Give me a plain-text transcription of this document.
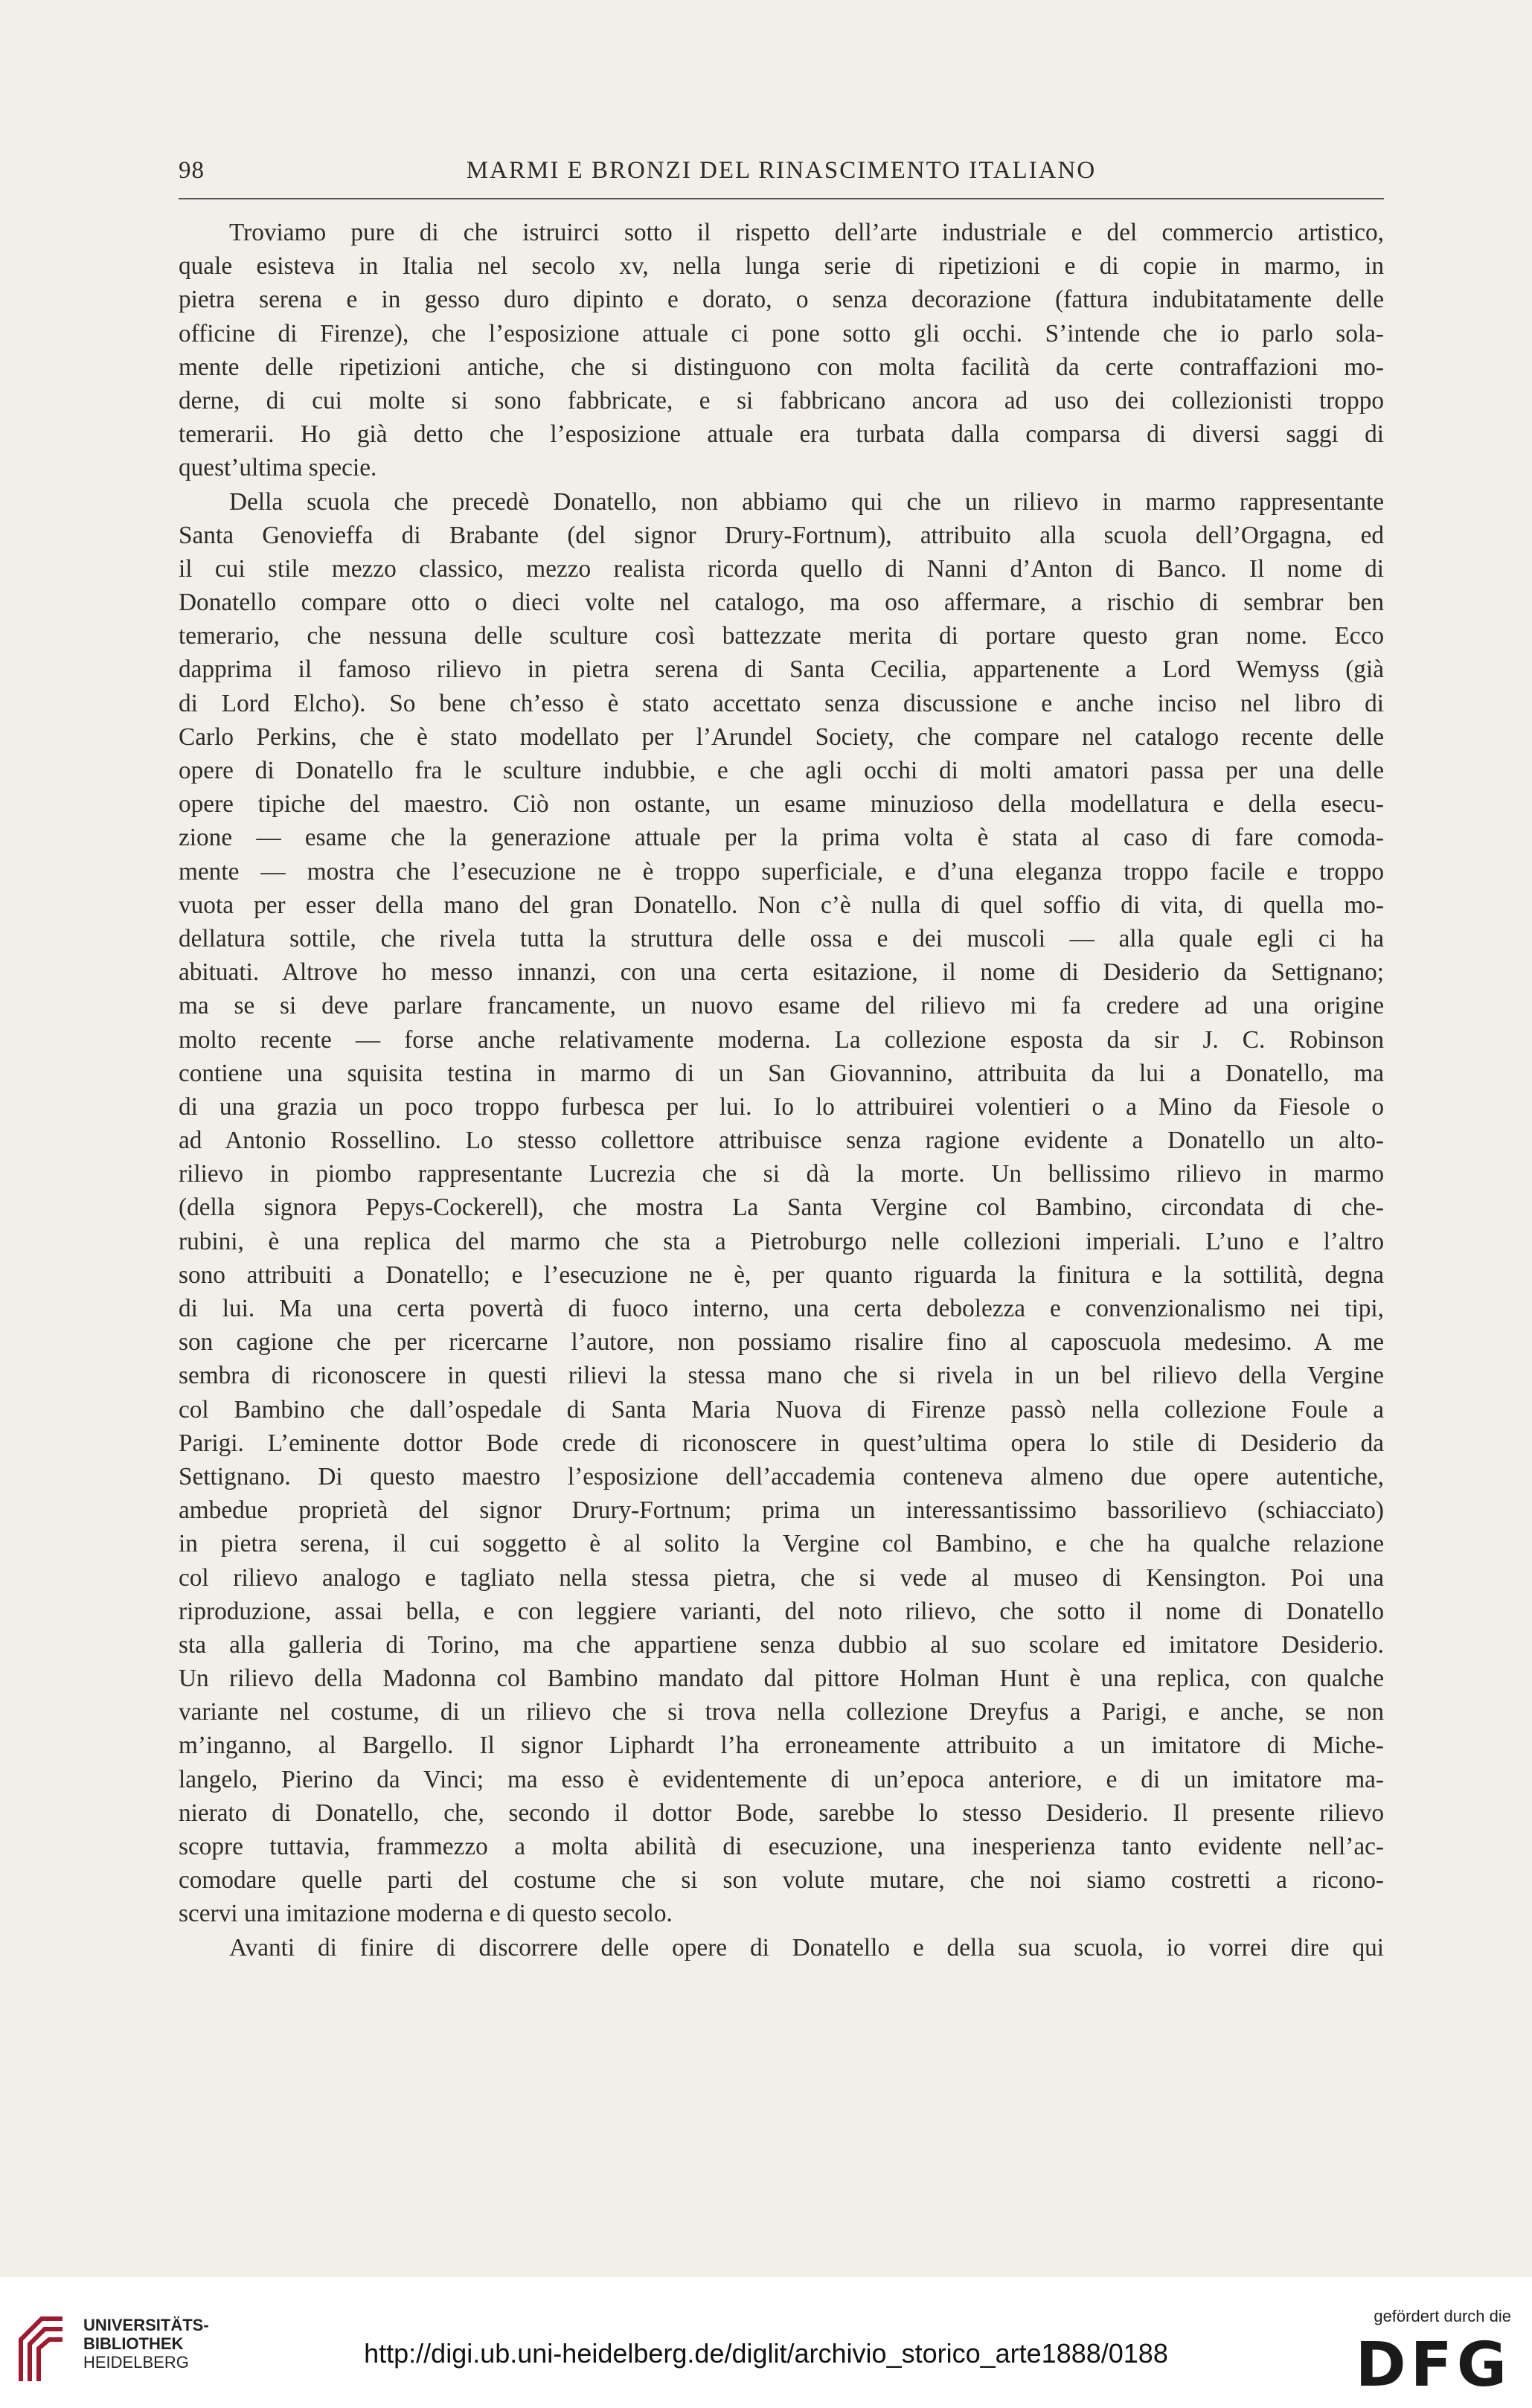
98	MARMI E BRONZI DEL RINASCIMENTO ITALIANO
Troviamo pure di che istruirci sotto il rispetto dell’arte industriale e del commercio artistico,
quale esisteva in Italia nel secolo xv, nella lunga serie di ripetizioni e di copie in marmo, in
pietra serena e in gesso duro dipinto e dorato, o senza decorazione (fattura indubitatamente delle
officine di Firenze), che l’esposizione attuale ci pone sotto gli occhi. S’intende che io parlo sola-
mente delle ripetizioni antiche, che si distinguono con molta facilità da certe contraffazioni mo-
derne, di cui molte si sono fabbricate, e si fabbricano ancora ad uso dei collezionisti troppo
temerarii. Ho già detto che l’esposizione attuale era turbata dalla comparsa di diversi saggi di
quest’ultima specie.
Della scuola che precedè Donatello, non abbiamo qui che un rilievo in marmo rappresentante
Santa Genovieffa di Brabante (del signor Drury-Fortnum), attribuito alla scuola dell’Orgagna, ed
il cui stile mezzo classico, mezzo realista ricorda quello di Nanni d’Anton di Banco. Il nome di
Donatello compare otto o dieci volte nel catalogo, ma oso affermare, a rischio di sembrar ben
temerario, che nessuna delle sculture così battezzate merita di portare questo gran nome. Ecco
dapprima il famoso rilievo in pietra serena di Santa Cecilia, appartenente a Lord Wemyss (già
di Lord Elcho). So bene ch’esso è stato accettato senza discussione e anche inciso nel libro di
Carlo Perkins, che è stato modellato per l’Arundel Society, che compare nel catalogo recente delle
opere di Donatello fra le sculture indubbie, e che agli occhi di molti amatori passa per una delle
opere tipiche del maestro. Ciò non ostante, un esame minuzioso della modellatura e della esecu-
zione — esame che la generazione attuale per la prima volta è stata al caso di fare comoda-
mente — mostra che l’esecuzione ne è troppo superficiale, e d’una eleganza troppo facile e troppo
vuota per esser della mano del gran Donatello. Non c’è nulla di quel soffio di vita, di quella mo-
dellatura sottile, che rivela tutta la struttura delle ossa e dei muscoli — alla quale egli ci ha
abituati. Altrove ho messo innanzi, con una certa esitazione, il nome di Desiderio da Settignano;
ma se si deve parlare francamente, un nuovo esame del rilievo mi fa credere ad una origine
molto recente — forse anche relativamente moderna. La collezione esposta da sir J. C. Robinson
contiene una squisita testina in marmo di un San Giovannino, attribuita da lui a Donatello, ma
di una grazia un poco troppo furbesca per lui. Io lo attribuirei volentieri o a Mino da Fiesole o
ad Antonio Rossellino. Lo stesso collettore attribuisce senza ragione evidente a Donatello un alto-
rilievo in piombo rappresentante Lucrezia che si dà la morte. Un bellissimo rilievo in marmo
(della signora Pepys-Cockerell), che mostra La Santa Vergine col Bambino, circondata di che-
rubini, è una replica del marmo che sta a Pietroburgo nelle collezioni imperiali. L’uno e l’altro
sono attribuiti a Donatello; e l’esecuzione ne è, per quanto riguarda la finitura e la sottilità, degna
di lui. Ma una certa povertà di fuoco interno, una certa debolezza e convenzionalismo nei tipi,
son cagione che per ricercarne l’autore, non possiamo risalire fino al caposcuola medesimo. A me
sembra di riconoscere in questi rilievi la stessa mano che si rivela in un bel rilievo della Vergine
col Bambino che dall’ospedale di Santa Maria Nuova di Firenze passò nella collezione Foule a
Parigi. L’eminente dottor Bode crede di riconoscere in quest’ultima opera lo stile di Desiderio da
Settignano. Di questo maestro l’esposizione dell’accademia conteneva almeno due opere autentiche,
ambedue proprietà del signor Drury-Fortnum; prima un interessantissimo bassorilievo (schiacciato)
in pietra serena, il cui soggetto è al solito la Vergine col Bambino, e che ha qualche relazione
col rilievo analogo e tagliato nella stessa pietra, che si vede al museo di Kensington. Poi una
riproduzione, assai bella, e con leggiere varianti, del noto rilievo, che sotto il nome di Donatello
sta alla galleria di Torino, ma che appartiene senza dubbio al suo scolare ed imitatore Desiderio.
Un rilievo della Madonna col Bambino mandato dal pittore Holman Hunt è una replica, con qualche
variante nel costume, di un rilievo che si trova nella collezione Dreyfus a Parigi, e anche, se non
m’inganno, al Bargello. Il signor Liphardt l’ha erroneamente attribuito a un imitatore di Miche-
langelo, Pierino da Vinci; ma esso è evidentemente di un’epoca anteriore, e di un imitatore ma-
nierato di Donatello, che, secondo il dottor Bode, sarebbe lo stesso Desiderio. Il presente rilievo
scopre tuttavia, frammezzo a molta abilità di esecuzione, una inesperienza tanto evidente nell’ac-
comodare quelle parti del costume che si son volute mutare, che noi siamo costretti a ricono-
scervi una imitazione moderna e di questo secolo.
Avanti di finire di discorrere delle opere di Donatello e della sua scuola, io vorrei dire qui
UNIVERSITÄTS-
BIBLIOTHEK
HEIDELBERG	http://digi.ub.uni-heidelberg.de/diglit/archivio_storico_arte1888/0188
gefördert durch die
DFG
